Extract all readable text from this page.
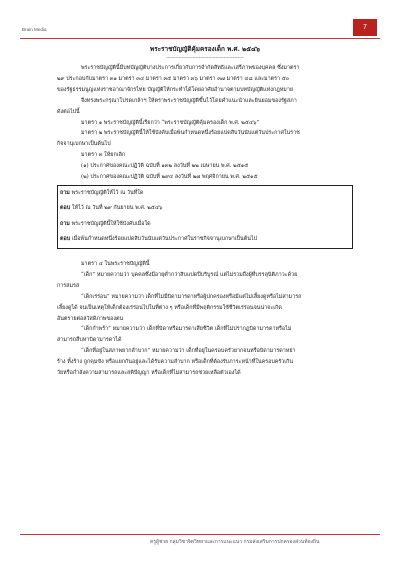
Brain Media	7
พระราชบัญญัติคุ้มครองเด็ก พ.ศ. ๒๕๔๖
--------------------------------------------------

พระราชบัญญัตินี้มีบทบัญญัติบางประการเกี่ยวกับการจำกัดสิทธิและเสรีภาพของบุคคล ซึ่งมาตรา

๒๙ ประกอบกับมาตรา ๓๑ มาตรา ๓๔ มาตรา ๓๕ มาตรา ๓๖ มาตรา ๓๗ มาตรา ๔๘ และมาตรา ๕๐

ของรัฐธรรมนูญแห่งราชอาณาจักรไทย บัญญัติให้กระทำได้โดยอาศัยอำนาจตามบทบัญญัติแห่งกฎหมาย

จึงทรงพระกรุณาโปรดเกล้าฯ ให้ตราพระราชบัญญัติขึ้นไว้โดยคำแนะนำและยินยอมของรัฐสภา

ดังต่อไปนี้

มาตรา ๑ พระราชบัญญัตินี้เรียกว่า “พระราชบัญญัติคุ้มครองเด็ก พ.ศ. ๒๕๔๖”

มาตรา ๒ พระราชบัญญัตินี้ให้ใช้บังคับเมื่อพ้นกำหนดหนึ่งร้อยแปดสิบวันนับแต่วันประกาศในราช

กิจจานุเบกษาเป็นต้นไป

มาตรา ๓ ให้ยกเลิก

(๑) ประกาศของคณะปฏิวัติ ฉบับที่ ๑๓๒ ลงวันที่ ๒๒ เมษายน พ.ศ. ๒๕๑๕

(๒) ประกาศของคณะปฏิวัติ ฉบับที่ ๒๙๔ ลงวันที่ ๒๗ พฤศจิกายน พ.ศ. ๒๕๑๕

ถาม พระราชบัญญัติให้ไว้ ณ วันที่ใด
ตอบ ให้ไว้ ณ วันที่ ๒๙ กันยายน พ.ศ. ๒๕๔๖
ถาม พระราชบัญญัตินี้ให้ใช้บังคับเมื่อใด
ตอบ เมื่อพ้นกำหนดหนึ่งร้อยแปดสิบวันนับแต่วันประกาศในราชกิจจานุเบกษาเป็นต้นไป

มาตรา ๔ ในพระราชบัญญัตินี้

“เด็ก” หมายความว่า บุคคลซึ่งมีอายุต่ำกว่าสิบแปดปีบริบูรณ์ แต่ไม่รวมถึงผู้ที่บรรลุนิติภาวะด้วย

การสมรส

“เด็กเร่ร่อน” หมายความว่า เด็กที่ไม่มีบิดามารดาหรือผู้ปกครองหรือมีแต่ไม่เลี้ยงดูหรือไม่สามารถ

เลี้ยงดูได้ จนเป็นเหตุให้เด็กต้องเร่ร่อนไปในที่ต่าง ๆ หรือเด็กที่มีพฤติกรรมใช้ชีวิตเร่ร่อนจนน่าจะเกิด

อันตรายต่อสวัสดิภาพของตน

“เด็กกำพร้า” หมายความว่า เด็กที่บิดาหรือมารดาเสียชีวิต เด็กที่ไม่ปรากฏบิดามารดาหรือไม่

สามารถสืบหาบิดามารดาได้

“เด็กที่อยู่ในสภาพยากลำบาก” หมายความว่า เด็กที่อยู่ในครอบครัวยากจนหรือบิดามารดาหย่า

ร้าง ทิ้งร้าง ถูกคุมขัง หรือแยกกันอยู่และได้รับความลำบาก หรือเด็กที่ต้องรับภาระหน้าที่ในครอบครัวเกิน

วัยหรือกำลังความสามารถและสติปัญญา หรือเด็กที่ไม่สามารถช่วยเหลือตัวเองได้

ครูผู้ช่วย กลุ่มวิชาจิตวิทยาและการแนะแนว กรมส่งเสริมการปกครองส่วนท้องถิ่น
